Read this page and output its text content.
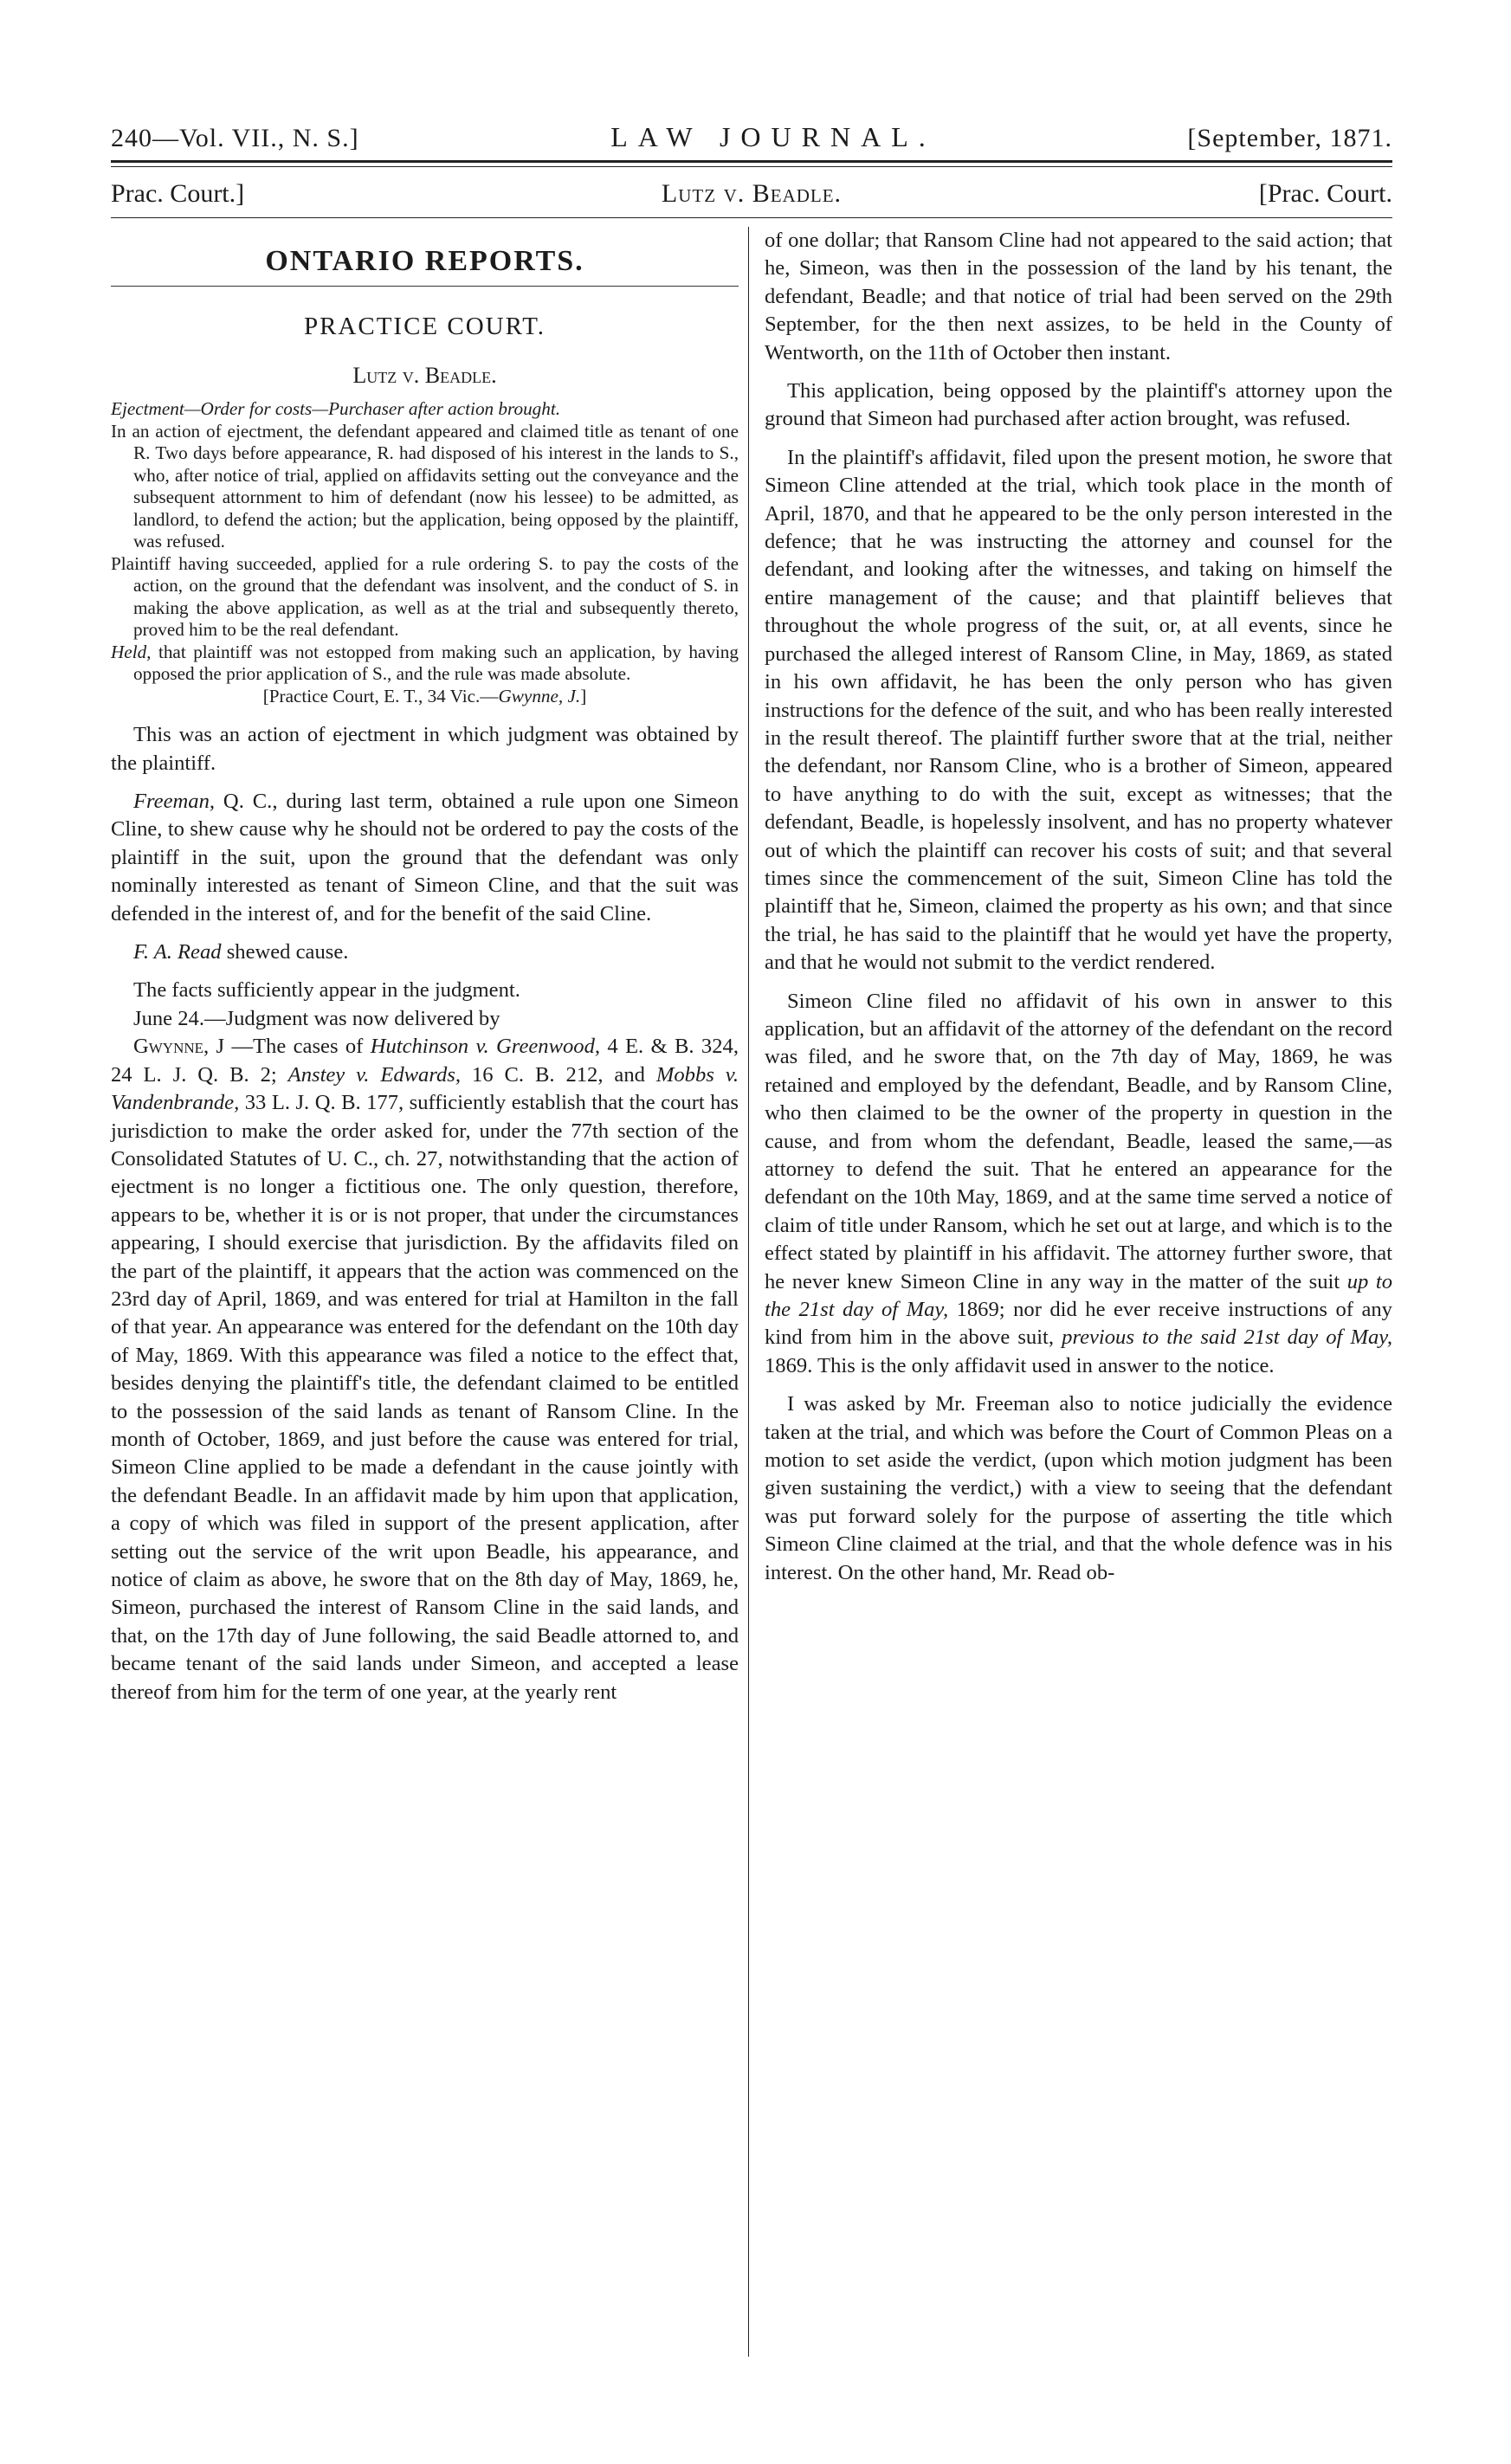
240—Vol. VII., N. S.]	LAW JOURNAL.	[September, 1871.
Prac. Court.]	Lutz v. Beadle.	[Prac. Court.
ONTARIO REPORTS.
PRACTICE COURT.
Lutz v. Beadle.

Ejectment—Order for costs—Purchaser after action brought.

In an action of ejectment, the defendant appeared and claimed title as tenant of one R. Two days before appearance, R. had disposed of his interest in the lands to S., who, after notice of trial, applied on affidavits setting out the conveyance and the subsequent attornment to him of defendant (now his lessee) to be admitted, as landlord, to defend the action; but the application, being opposed by the plaintiff, was refused.

Plaintiff having succeeded, applied for a rule ordering S. to pay the costs of the action, on the ground that the defendant was insolvent, and the conduct of S. in making the above application, as well as at the trial and subsequently thereto, proved him to be the real defendant.

Held, that plaintiff was not estopped from making such an application, by having opposed the prior application of S., and the rule was made absolute.

[Practice Court, E. T., 34 Vic.—Gwynne, J.]

This was an action of ejectment in which judgment was obtained by the plaintiff.

Freeman, Q. C., during last term, obtained a rule upon one Simeon Cline, to shew cause why he should not be ordered to pay the costs of the plaintiff in the suit, upon the ground that the defendant was only nominally interested as tenant of Simeon Cline, and that the suit was defended in the interest of, and for the benefit of the said Cline.

F. A. Read shewed cause.

The facts sufficiently appear in the judgment.

June 24.—Judgment was now delivered by

Gwynne, J —The cases of Hutchinson v. Greenwood, 4 E. & B. 324, 24 L. J. Q. B. 2; Anstey v. Edwards, 16 C. B. 212, and Mobbs v. Vandenbrande, 33 L. J. Q. B. 177, sufficiently establish that the court has jurisdiction to make the order asked for, under the 77th section of the Consolidated Statutes of U. C., ch. 27, notwithstanding that the action of ejectment is no longer a fictitious one. The only question, therefore, appears to be, whether it is or is not proper, that under the circumstances appearing, I should exercise that jurisdiction. By the affidavits filed on the part of the plaintiff, it appears that the action was commenced on the 23rd day of April, 1869, and was entered for trial at Hamilton in the fall of that year. An appearance was entered for the defendant on the 10th day of May, 1869. With this appearance was filed a notice to the effect that, besides denying the plaintiff's title, the defendant claimed to be entitled to the possession of the said lands as tenant of Ransom Cline. In the month of October, 1869, and just before the cause was entered for trial, Simeon Cline applied to be made a defendant in the cause jointly with the defendant Beadle. In an affidavit made by him upon that application, a copy of which was filed in support of the present application, after setting out the service of the writ upon Beadle, his appearance, and notice of claim as above, he swore that on the 8th day of May, 1869, he, Simeon, purchased the interest of Ransom Cline in the said lands, and that, on the 17th day of June following, the said Beadle attorned to, and became tenant of the said lands under Simeon, and accepted a lease thereof from him for the term of one year, at the yearly rent

of one dollar; that Ransom Cline had not appeared to the said action; that he, Simeon, was then in the possession of the land by his tenant, the defendant, Beadle; and that notice of trial had been served on the 29th September, for the then next assizes, to be held in the County of Wentworth, on the 11th of October then instant.

This application, being opposed by the plaintiff's attorney upon the ground that Simeon had purchased after action brought, was refused.

In the plaintiff's affidavit, filed upon the present motion, he swore that Simeon Cline attended at the trial, which took place in the month of April, 1870, and that he appeared to be the only person interested in the defence; that he was instructing the attorney and counsel for the defendant, and looking after the witnesses, and taking on himself the entire management of the cause; and that plaintiff believes that throughout the whole progress of the suit, or, at all events, since he purchased the alleged interest of Ransom Cline, in May, 1869, as stated in his own affidavit, he has been the only person who has given instructions for the defence of the suit, and who has been really interested in the result thereof. The plaintiff further swore that at the trial, neither the defendant, nor Ransom Cline, who is a brother of Simeon, appeared to have anything to do with the suit, except as witnesses; that the defendant, Beadle, is hopelessly insolvent, and has no property whatever out of which the plaintiff can recover his costs of suit; and that several times since the commencement of the suit, Simeon Cline has told the plaintiff that he, Simeon, claimed the property as his own; and that since the trial, he has said to the plaintiff that he would yet have the property, and that he would not submit to the verdict rendered.

Simeon Cline filed no affidavit of his own in answer to this application, but an affidavit of the attorney of the defendant on the record was filed, and he swore that, on the 7th day of May, 1869, he was retained and employed by the defendant, Beadle, and by Ransom Cline, who then claimed to be the owner of the property in question in the cause, and from whom the defendant, Beadle, leased the same,—as attorney to defend the suit. That he entered an appearance for the defendant on the 10th May, 1869, and at the same time served a notice of claim of title under Ransom, which he set out at large, and which is to the effect stated by plaintiff in his affidavit. The attorney further swore, that he never knew Simeon Cline in any way in the matter of the suit up to the 21st day of May, 1869; nor did he ever receive instructions of any kind from him in the above suit, previous to the said 21st day of May, 1869. This is the only affidavit used in answer to the notice.

I was asked by Mr. Freeman also to notice judicially the evidence taken at the trial, and which was before the Court of Common Pleas on a motion to set aside the verdict, (upon which motion judgment has been given sustaining the verdict,) with a view to seeing that the defendant was put forward solely for the purpose of asserting the title which Simeon Cline claimed at the trial, and that the whole defence was in his interest. On the other hand, Mr. Read ob-
